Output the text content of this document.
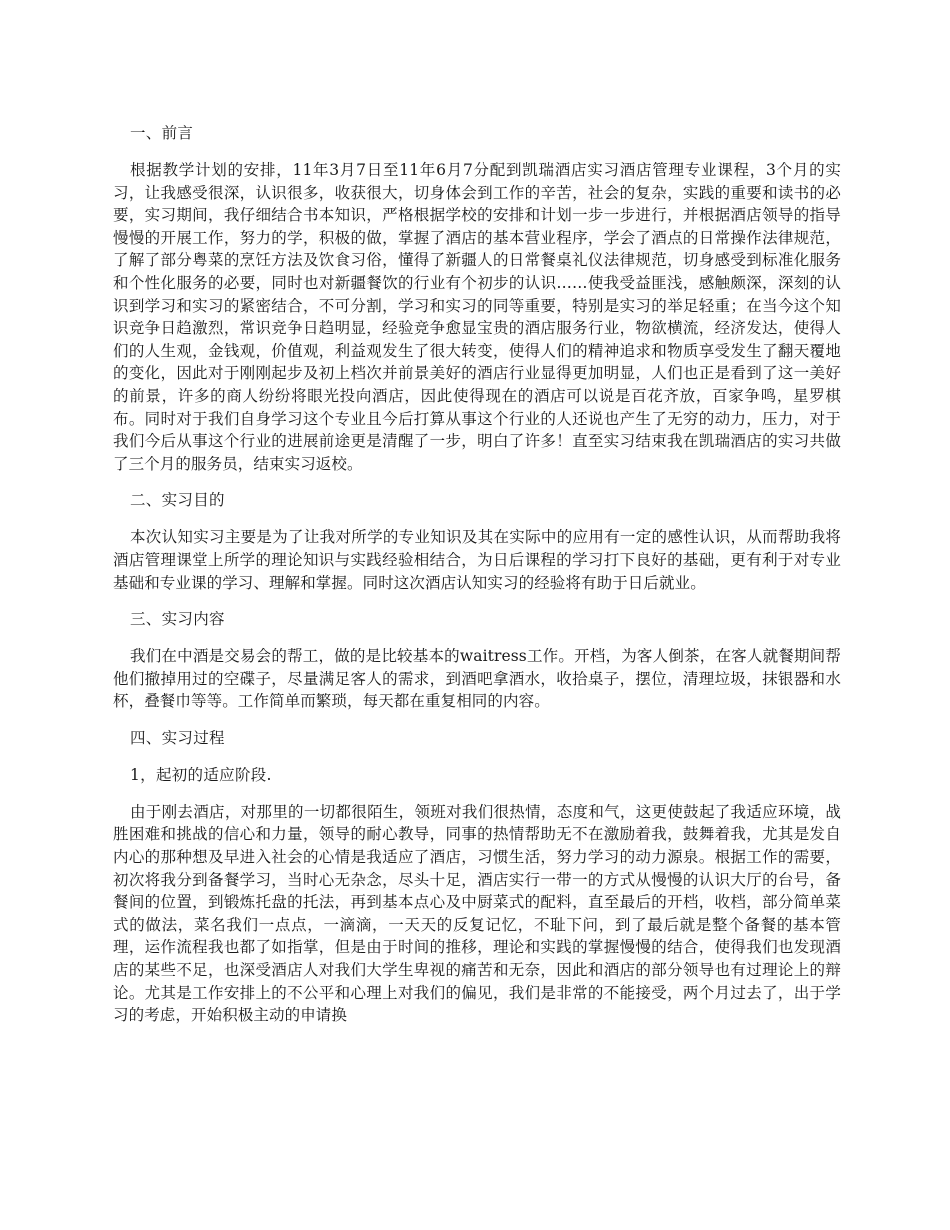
一、前言

根据教学计划的安排，11年3月7日至11年6月7分配到凯瑞酒店实习酒店管理专业课程，3个月的实习，让我感受很深，认识很多，收获很大，切身体会到工作的辛苦，社会的复杂，实践的重要和读书的必要，实习期间，我仔细结合书本知识，严格根据学校的安排和计划一步一步进行，并根据酒店领导的指导慢慢的开展工作，努力的学，积极的做，掌握了酒店的基本营业程序，学会了酒点的日常操作法律规范，了解了部分粤菜的烹饪方法及饮食习俗，懂得了新疆人的日常餐桌礼仪法律规范，切身感受到标准化服务和个性化服务的必要，同时也对新疆餐饮的行业有个初步的认识……使我受益匪浅，感触颇深，深刻的认识到学习和实习的紧密结合，不可分割，学习和实习的同等重要，特别是实习的举足轻重；在当今这个知识竞争日趋激烈，常识竞争日趋明显，经验竞争愈显宝贵的酒店服务行业，物欲横流，经济发达，使得人们的人生观，金钱观，价值观，利益观发生了很大转变，使得人们的精神追求和物质享受发生了翻天覆地的变化，因此对于刚刚起步及初上档次并前景美好的酒店行业显得更加明显，人们也正是看到了这一美好的前景，许多的商人纷纷将眼光投向酒店，因此使得现在的酒店可以说是百花齐放，百家争鸣，星罗棋布。同时对于我们自身学习这个专业且今后打算从事这个行业的人还说也产生了无穷的动力，压力，对于我们今后从事这个行业的进展前途更是清醒了一步，明白了许多！直至实习结束我在凯瑞酒店的实习共做了三个月的服务员，结束实习返校。

二、实习目的

本次认知实习主要是为了让我对所学的专业知识及其在实际中的应用有一定的感性认识，从而帮助我将酒店管理课堂上所学的理论知识与实践经验相结合，为日后课程的学习打下良好的基础，更有利于对专业基础和专业课的学习、理解和掌握。同时这次酒店认知实习的经验将有助于日后就业。

三、实习内容

我们在中酒是交易会的帮工，做的是比较基本的waitress工作。开档，为客人倒茶，在客人就餐期间帮他们撤掉用过的空碟子，尽量满足客人的需求，到酒吧拿酒水，收拾桌子，摆位，清理垃圾，抹银器和水杯，叠餐巾等等。工作简单而繁琐，每天都在重复相同的内容。

四、实习过程
1，起初的适应阶段.

由于刚去酒店，对那里的一切都很陌生，领班对我们很热情，态度和气，这更使鼓起了我适应环境，战胜困难和挑战的信心和力量，领导的耐心教导，同事的热情帮助无不在激励着我，鼓舞着我，尤其是发自内心的那种想及早进入社会的心情是我适应了酒店，习惯生活，努力学习的动力源泉。根据工作的需要，初次将我分到备餐学习，当时心无杂念，尽头十足，酒店实行一带一的方式从慢慢的认识大厅的台号，备餐间的位置，到锻炼托盘的托法，再到基本点心及中厨菜式的配料，直至最后的开档，收档，部分简单菜式的做法，菜名我们一点点，一滴滴，一天天的反复记忆，不耻下问，到了最后就是整个备餐的基本管理，运作流程我也都了如指掌，但是由于时间的推移，理论和实践的掌握慢慢的结合，使得我们也发现酒店的某些不足，也深受酒店人对我们大学生卑视的痛苦和无奈，因此和酒店的部分领导也有过理论上的辩论。尤其是工作安排上的不公平和心理上对我们的偏见，我们是非常的不能接受，两个月过去了，出于学习的考虑，开始积极主动的申请换
